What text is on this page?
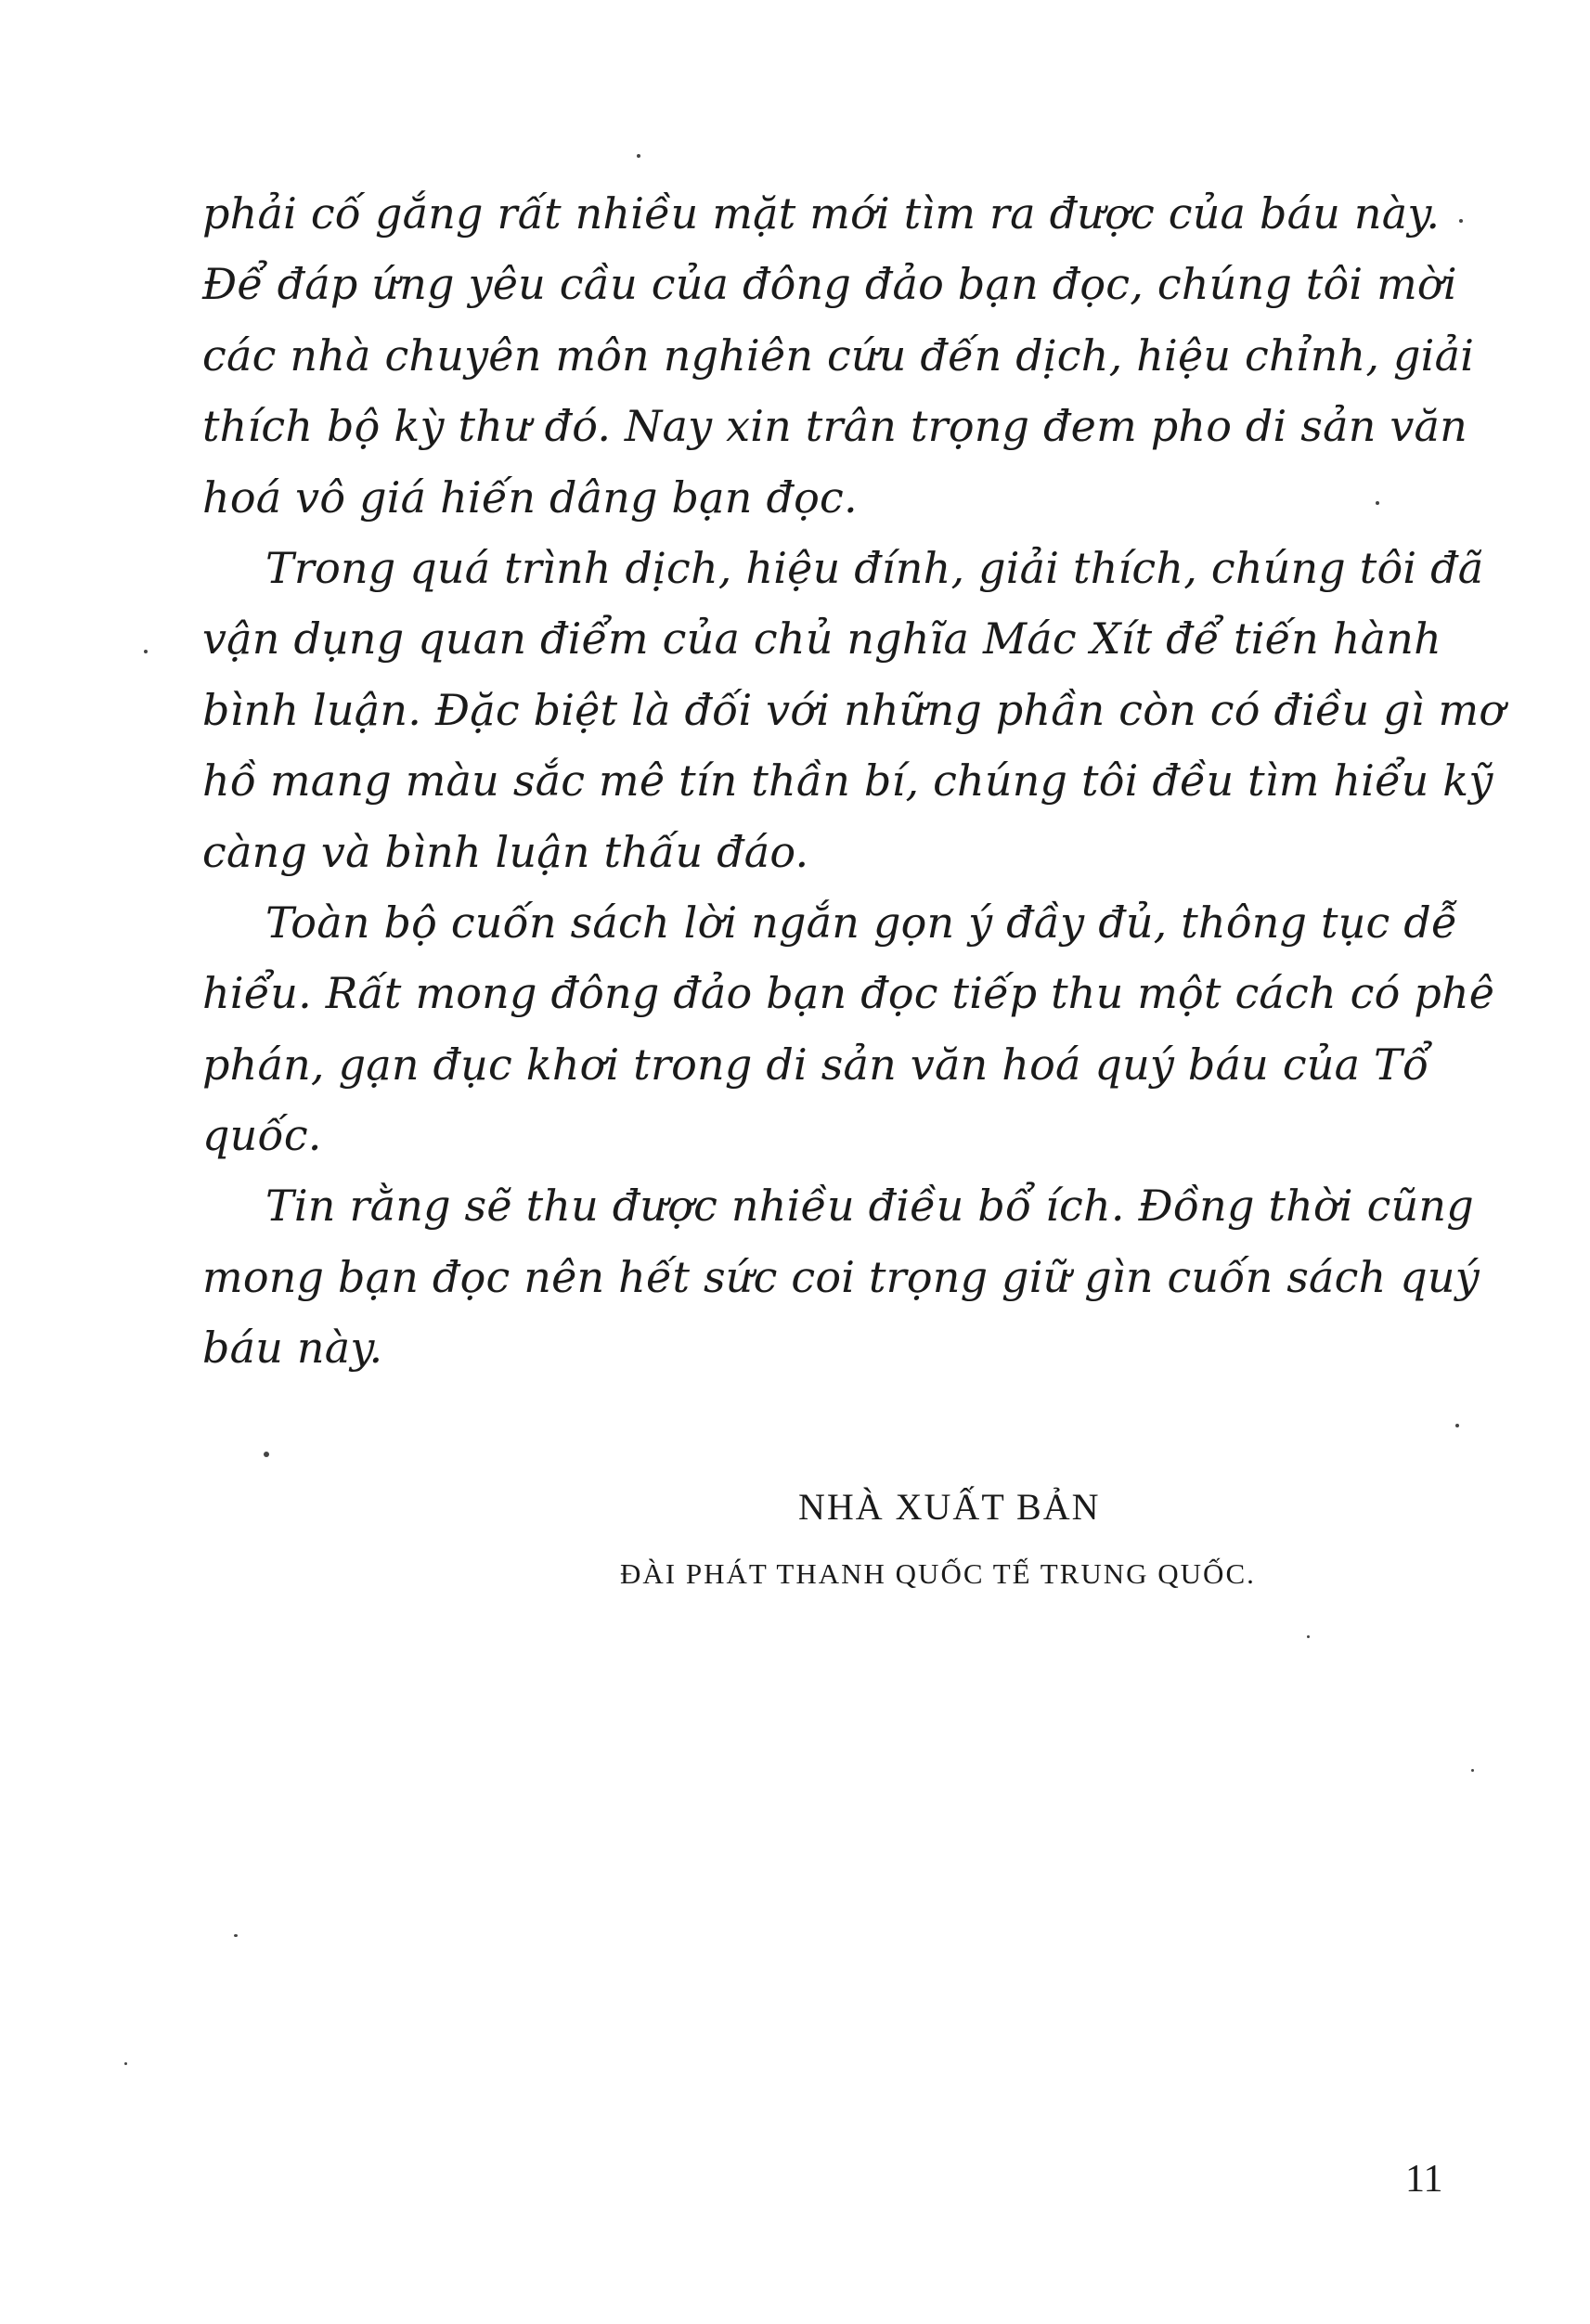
phải cố gắng rất nhiều mặt mới tìm ra được của báu này.
Để đáp ứng yêu cầu của đông đảo bạn đọc, chúng tôi mời
các nhà chuyên môn nghiên cứu đến dịch, hiệu chỉnh, giải
thích bộ kỳ thư đó. Nay xin trân trọng đem pho di sản văn
hoá vô giá hiến dâng bạn đọc.
Trong quá trình dịch, hiệu đính, giải thích, chúng tôi đã
vận dụng quan điểm của chủ nghĩa Mác Xít để tiến hành
bình luận. Đặc biệt là đối với những phần còn có điều gì mơ
hồ mang màu sắc mê tín thần bí, chúng tôi đều tìm hiểu kỹ
càng và bình luận thấu đáo.
Toàn bộ cuốn sách lời ngắn gọn ý đầy đủ, thông tục dễ
hiểu. Rất mong đông đảo bạn đọc tiếp thu một cách có phê
phán, gạn đục khơi trong di sản văn hoá quý báu của Tổ
quốc.
Tin rằng sẽ thu được nhiều điều bổ ích. Đồng thời cũng
mong bạn đọc nên hết sức coi trọng giữ gìn cuốn sách quý
báu này.
NHÀ XUẤT BẢN
ĐÀI PHÁT THANH QUỐC TẾ TRUNG QUỐC.
11
